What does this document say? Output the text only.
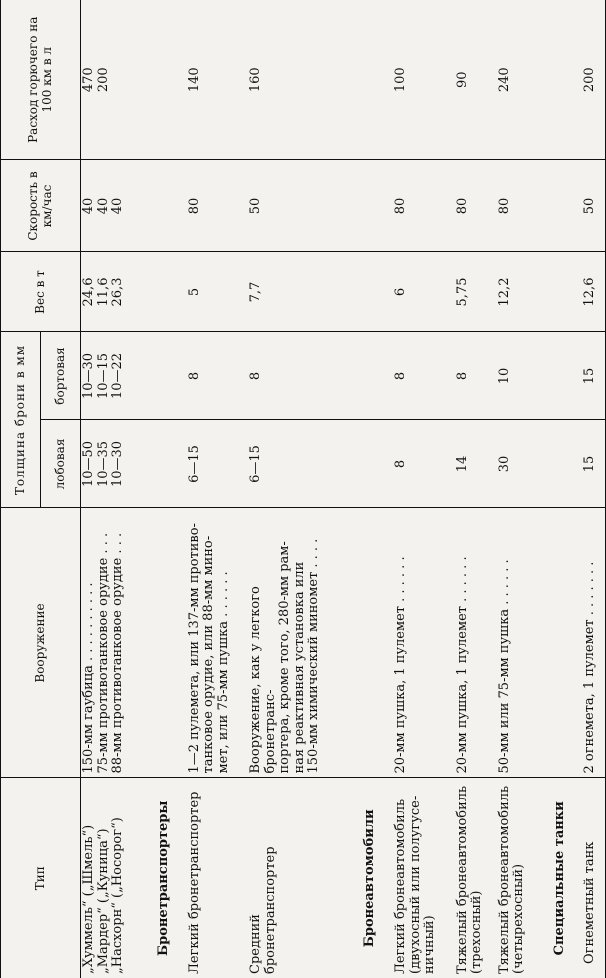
Тип	Вооружение	Толщина брони в мм		Вес в т	Скорость в км/час	Расход горючего на 100 км в л
		лобовая	бортовая			

„Хуммель“ („Шмель“) „Мардер“ („Куница“) „Насхорн“ („Носорог“)	150-мм гаубица . . . . . . . . . . 75-мм противотанковое орудие . . . 88-мм противотанковое орудие . . .	10—50 10—35 10—30	10—30 10—15 10—22	24,6 11,6 26,3	40 40 40	470 200

Бронетранспортеры						
Легкий бронетранспортер	1—2 пулемета, или 137-мм противо- танковое орудие, или 88-мм мино- мет, или 75-мм пушка . . . . . .	6—15	8	5	80	140
Средний бронетранспортер	Вооружение, как у легкого бронетранс- портера, кроме того, 280-мм рам- ная реактивная установка или 150-мм химический миномет . . . .	6—15	8	7,7	50	160
Бронеавтомобили						

Легкий бронеавтомобиль (двухосный или полугусе- ничный)	20-мм пушка, 1 пулемет . . . . . .	8	8	6	80	100

Тяжелый бронеавтомобиль (трехосный)	20-мм пушка, 1 пулемет . . . . . .	14	8	5,75	80	90

Тяжелый бронеавтомобиль (четырехосный)	50-мм или 75-мм пушка . . . . . .	30	10	12,2	80	240
Специальные танки						
Огнеметный танк	2 огнемета, 1 пулемет . . . . . . .	15	15	12,6	50	200
